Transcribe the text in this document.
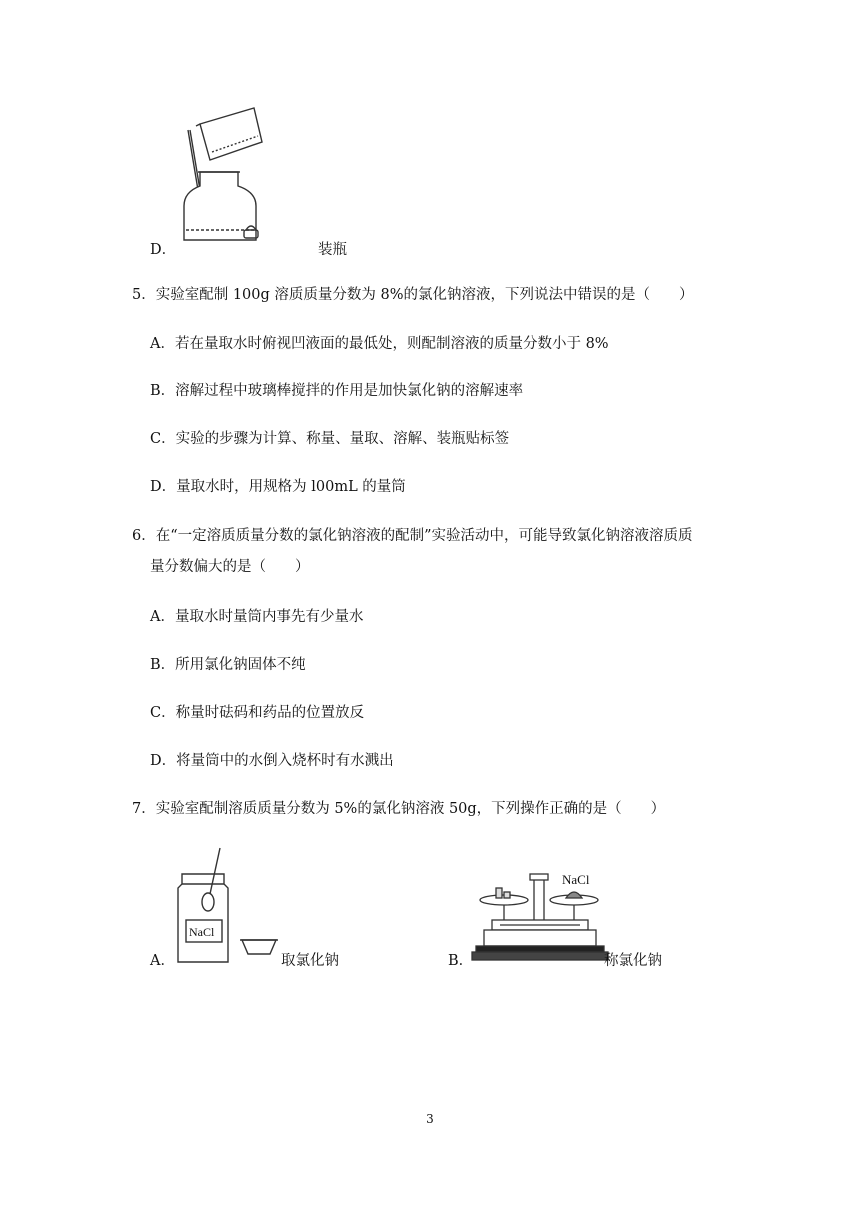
D．	装瓶
5．实验室配制 100g 溶质质量分数为 8%的氯化钠溶液，下列说法中错误的是（　　）
A．若在量取水时俯视凹液面的最低处，则配制溶液的质量分数小于 8%
B．溶解过程中玻璃棒搅拌的作用是加快氯化钠的溶解速率
C．实验的步骤为计算、称量、量取、溶解、装瓶贴标签
D．量取水时，用规格为 l00mL 的量筒
6．在“一定溶质质量分数的氯化钠溶液的配制”实验活动中，可能导致氯化钠溶液溶质质
量分数偏大的是（　　）
A．量取水时量筒内事先有少量水
B．所用氯化钠固体不纯
C．称量时砝码和药品的位置放反
D．将量筒中的水倒入烧杯时有水溅出
7．实验室配制溶质质量分数为 5%的氯化钠溶液 50g，下列操作正确的是（　　）
NaCl
A．	取氯化钠
NaCl
B．	称氯化钠
3
